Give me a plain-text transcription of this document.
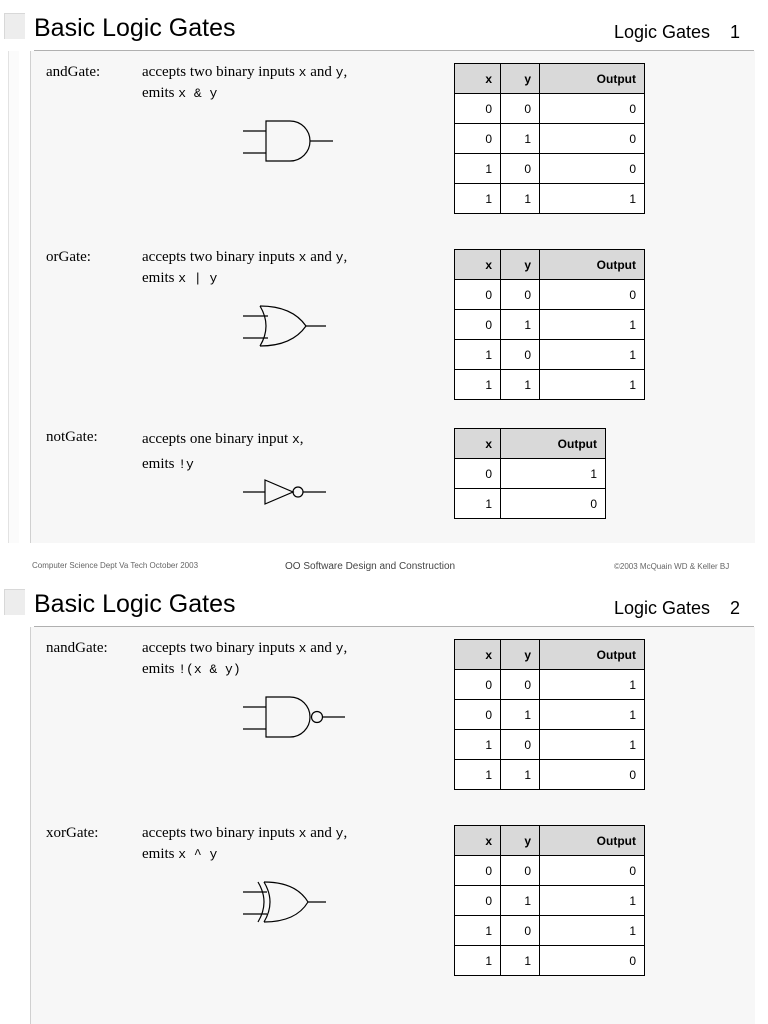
Basic Logic Gates	Logic Gates 1
andGate:	accepts two binary inputs x and y,
emits x & y
x	y	Output
0	0	0
0	1	0
1	0	0
1	1	1
orGate:	accepts two binary inputs x and y,
emits x | y
x	y	Output
0	0	0
0	1	1
1	0	1
1	1	1
notGate:	accepts one binary input x,
emits !y
x	Output
0	1
1	0
Computer Science Dept Va Tech October 2003	OO Software Design and Construction	©2003 McQuain WD & Keller BJ
Basic Logic Gates	Logic Gates 2
nandGate: accepts two binary inputs x and y,
emits !(x & y)
x	y	Output
0	0	1
0	1	1
1	0	1
1	1	0
xorGate:	accepts two binary inputs x and y,
emits x ^ y
x	y	Output
0	0	0
0	1	1
1	0	1
1	1	0
